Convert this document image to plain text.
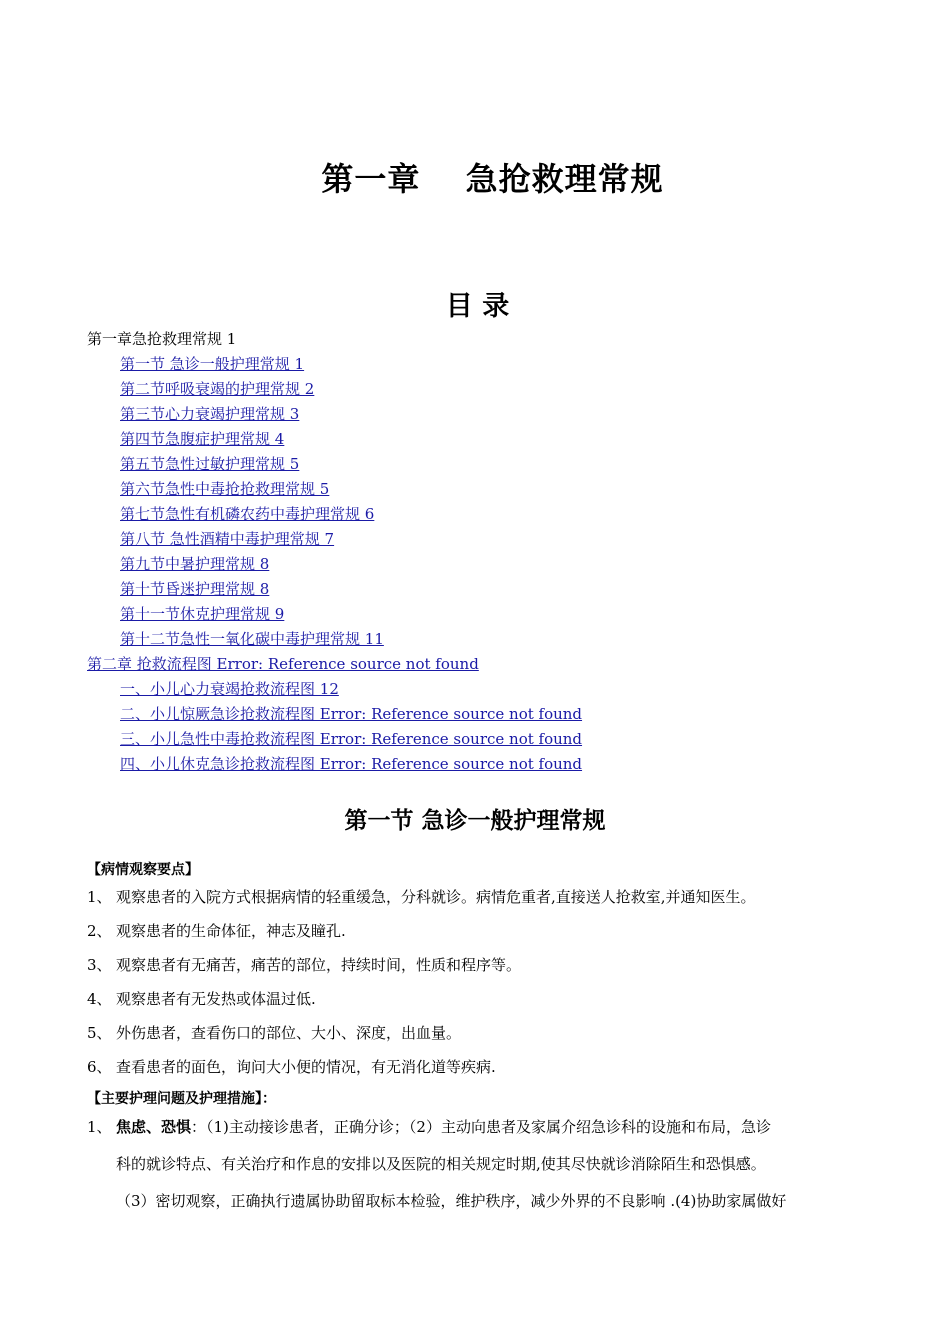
第一章　 急抢救理常规
目 录
第一章急抢救理常规 1
第一节 急诊一般护理常规 1
第二节呼吸衰竭的护理常规 2
第三节心力衰竭护理常规 3
第四节急腹症护理常规 4
第五节急性过敏护理常规 5
第六节急性中毒抢抢救理常规 5
第七节急性有机磷农药中毒护理常规 6
第八节 急性酒精中毒护理常规 7
第九节中暑护理常规 8
第十节昏迷护理常规 8
第十一节休克护理常规 9
第十二节急性一氧化碳中毒护理常规 11
第二章 抢救流程图 Error: Reference source not found
一、小儿心力衰竭抢救流程图 12
二、小儿惊厥急诊抢救流程图 Error: Reference source not found
三、小儿急性中毒抢救流程图 Error: Reference source not found
四、小儿休克急诊抢救流程图 Error: Reference source not found
第一节 急诊一般护理常规
【病情观察要点】
1、 观察患者的入院方式根据病情的轻重缓急，分科就诊。病情危重者,直接送人抢救室,并通知医生。
2、 观察患者的生命体征，神志及瞳孔.
3、 观察患者有无痛苦，痛苦的部位，持续时间，性质和程序等。
4、 观察患者有无发热或体温过低.
5、 外伤患者，查看伤口的部位、大小、深度，出血量。
6、 查看患者的面色，询问大小便的情况，有无消化道等疾病.
【主要护理问题及护理措施】：
1、 焦虑、恐惧：（1)主动接诊患者，正确分诊；（2）主动向患者及家属介绍急诊科的设施和布局，急诊
科的就诊特点、有关治疗和作息的安排以及医院的相关规定时期,使其尽快就诊消除陌生和恐惧感。
（3）密切观察，正确执行遗属协助留取标本检验，维护秩序，减少外界的不良影响 .(4)协助家属做好
